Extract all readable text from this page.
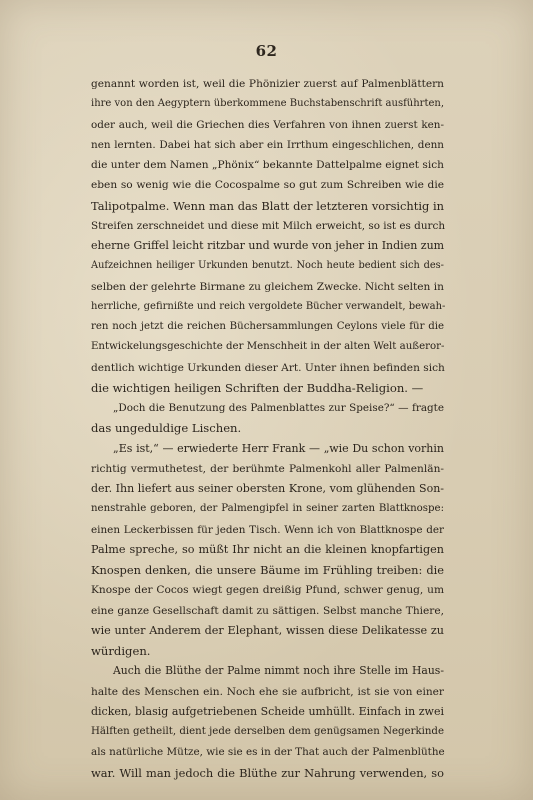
62
genannt worden ist, weil die Phönizier zuerst auf Palmenblättern
ihre von den Aegyptern überkommene Buchstabenschrift ausführten,
oder auch, weil die Griechen dies Verfahren von ihnen zuerst ken-
nen lernten. Dabei hat sich aber ein Irrthum eingeschlichen, denn
die unter dem Namen „Phönix“ bekannte Dattelpalme eignet sich
eben so wenig wie die Cocospalme so gut zum Schreiben wie die
Talipotpalme. Wenn man das Blatt der letzteren vorsichtig in
Streifen zerschneidet und diese mit Milch erweicht, so ist es durch
eherne Griffel leicht ritzbar und wurde von jeher in Indien zum
Aufzeichnen heiliger Urkunden benutzt. Noch heute bedient sich des-
selben der gelehrte Birmane zu gleichem Zwecke. Nicht selten in
herrliche, gefirnißte und reich vergoldete Bücher verwandelt, bewah-
ren noch jetzt die reichen Büchersammlungen Ceylons viele für die
Entwickelungsgeschichte der Menschheit in der alten Welt außeror-
dentlich wichtige Urkunden dieser Art. Unter ihnen befinden sich
die wichtigen heiligen Schriften der Buddha-Religion. —
„Doch die Benutzung des Palmenblattes zur Speise?“ — fragte
das ungeduldige Lischen.
„Es ist,“ — erwiederte Herr Frank — „wie Du schon vorhin
richtig vermuthetest, der berühmte Palmenkohl aller Palmenlän-
der. Ihn liefert aus seiner obersten Krone, vom glühenden Son-
nenstrahle geboren, der Palmengipfel in seiner zarten Blattknospe:
einen Leckerbissen für jeden Tisch. Wenn ich von Blattknospe der
Palme spreche, so müßt Ihr nicht an die kleinen knopfartigen
Knospen denken, die unsere Bäume im Frühling treiben: die
Knospe der Cocos wiegt gegen dreißig Pfund, schwer genug, um
eine ganze Gesellschaft damit zu sättigen. Selbst manche Thiere,
wie unter Anderem der Elephant, wissen diese Delikatesse zu
würdigen.
Auch die Blüthe der Palme nimmt noch ihre Stelle im Haus-
halte des Menschen ein. Noch ehe sie aufbricht, ist sie von einer
dicken, blasig aufgetriebenen Scheide umhüllt. Einfach in zwei
Hälften getheilt, dient jede derselben dem genügsamen Negerkinde
als natürliche Mütze, wie sie es in der That auch der Palmenblüthe
war. Will man jedoch die Blüthe zur Nahrung verwenden, so
